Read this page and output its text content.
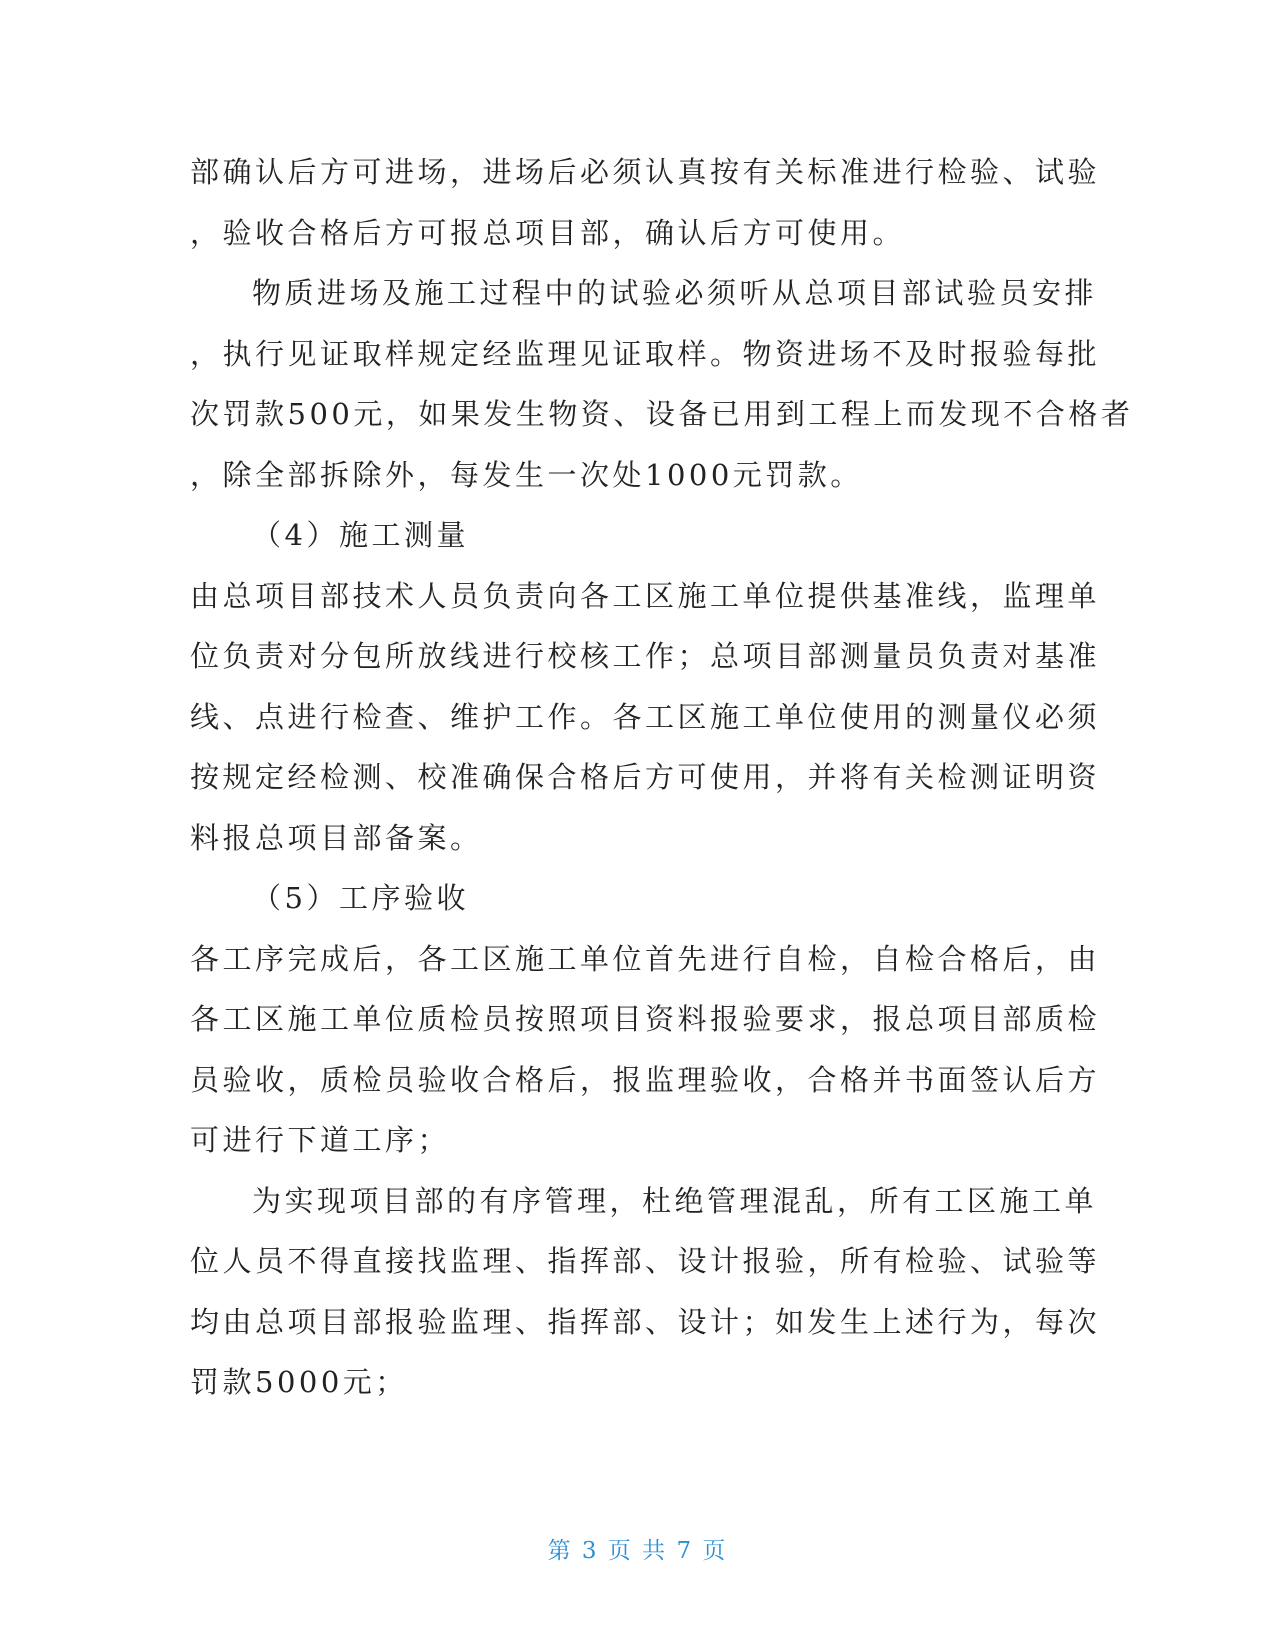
部确认后方可进场，进场后必须认真按有关标准进行检验、试验
，验收合格后方可报总项目部，确认后方可使用。
物质进场及施工过程中的试验必须听从总项目部试验员安排
，执行见证取样规定经监理见证取样。物资进场不及时报验每批
次罚款500元，如果发生物资、设备已用到工程上而发现不合格者
，除全部拆除外，每发生一次处1000元罚款。
（4）施工测量
由总项目部技术人员负责向各工区施工单位提供基准线，监理单
位负责对分包所放线进行校核工作；总项目部测量员负责对基准
线、点进行检查、维护工作。各工区施工单位使用的测量仪必须
按规定经检测、校准确保合格后方可使用，并将有关检测证明资
料报总项目部备案。
（5）工序验收
各工序完成后，各工区施工单位首先进行自检，自检合格后，由
各工区施工单位质检员按照项目资料报验要求，报总项目部质检
员验收，质检员验收合格后，报监理验收，合格并书面签认后方
可进行下道工序；
为实现项目部的有序管理，杜绝管理混乱，所有工区施工单
位人员不得直接找监理、指挥部、设计报验，所有检验、试验等
均由总项目部报验监理、指挥部、设计；如发生上述行为，每次
罚款5000元；
第 3 页 共 7 页
